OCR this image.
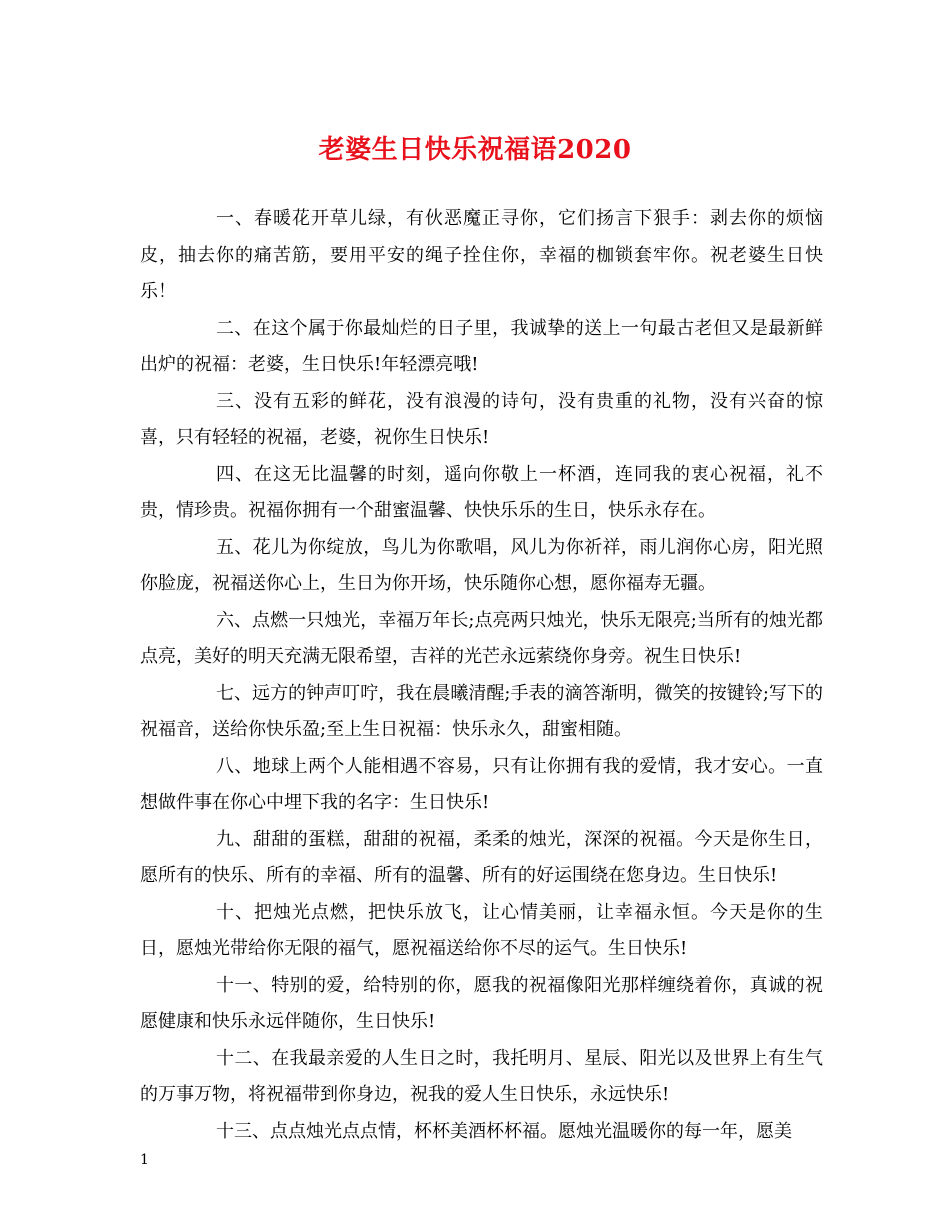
老婆生日快乐祝福语2020

一、春暖花开草儿绿，有伙恶魔正寻你，它们扬言下狠手：剥去你的烦恼皮，抽去你的痛苦筋，要用平安的绳子拴住你，幸福的枷锁套牢你。祝老婆生日快乐！

二、在这个属于你最灿烂的日子里，我诚挚的送上一句最古老但又是最新鲜出炉的祝福：老婆，生日快乐!年轻漂亮哦!

三、没有五彩的鲜花，没有浪漫的诗句，没有贵重的礼物，没有兴奋的惊喜，只有轻轻的祝福，老婆，祝你生日快乐!

四、在这无比温馨的时刻，遥向你敬上一杯酒，连同我的衷心祝福，礼不贵，情珍贵。祝福你拥有一个甜蜜温馨、快快乐乐的生日，快乐永存在。

五、花儿为你绽放，鸟儿为你歌唱，风儿为你祈祥，雨儿润你心房，阳光照你脸庞，祝福送你心上，生日为你开场，快乐随你心想，愿你福寿无疆。

六、点燃一只烛光，幸福万年长;点亮两只烛光，快乐无限亮;当所有的烛光都点亮，美好的明天充满无限希望，吉祥的光芒永远萦绕你身旁。祝生日快乐!

七、远方的钟声叮咛，我在晨曦清醒;手表的滴答渐明，微笑的按键铃;写下的祝福音，送给你快乐盈;至上生日祝福：快乐永久，甜蜜相随。

八、地球上两个人能相遇不容易，只有让你拥有我的爱情，我才安心。一直想做件事在你心中埋下我的名字：生日快乐!

九、甜甜的蛋糕，甜甜的祝福，柔柔的烛光，深深的祝福。今天是你生日，愿所有的快乐、所有的幸福、所有的温馨、所有的好运围绕在您身边。生日快乐!

十、把烛光点燃，把快乐放飞，让心情美丽，让幸福永恒。今天是你的生日，愿烛光带给你无限的福气，愿祝福送给你不尽的运气。生日快乐!

十一、特别的爱，给特别的你，愿我的祝福像阳光那样缠绕着你，真诚的祝愿健康和快乐永远伴随你，生日快乐!

十二、在我最亲爱的人生日之时，我托明月、星辰、阳光以及世界上有生气的万事万物，将祝福带到你身边，祝我的爱人生日快乐，永远快乐!

十三、点点烛光点点情，杯杯美酒杯杯福。愿烛光温暖你的每一年，愿美

1
